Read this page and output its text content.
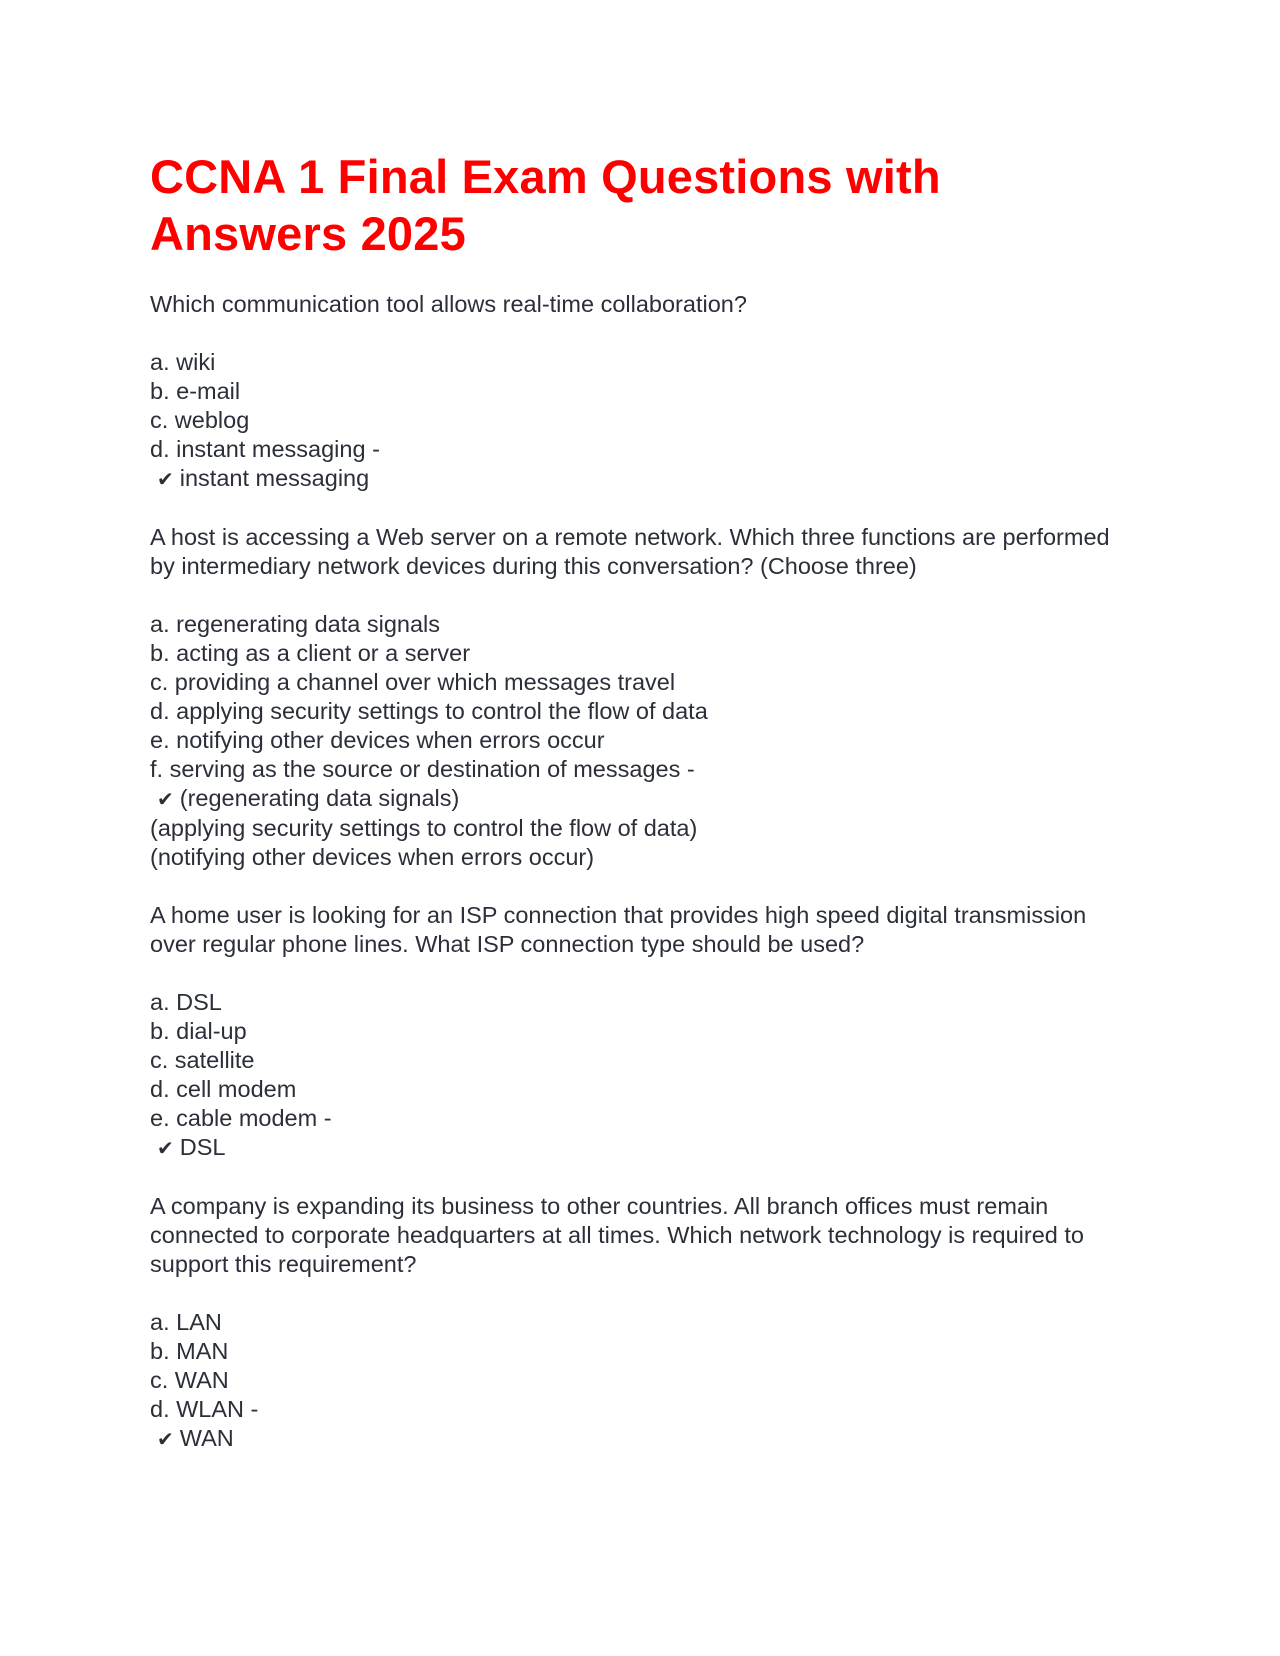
CCNA 1 Final Exam Questions with Answers 2025

Which communication tool allows real-time collaboration?

a. wiki
b. e-mail
c. weblog
d. instant messaging -
✔ instant messaging

A host is accessing a Web server on a remote network. Which three functions are performed by intermediary network devices during this conversation? (Choose three)

a. regenerating data signals
b. acting as a client or a server
c. providing a channel over which messages travel
d. applying security settings to control the flow of data
e. notifying other devices when errors occur
f. serving as the source or destination of messages -
✔ (regenerating data signals)
(applying security settings to control the flow of data)
(notifying other devices when errors occur)

A home user is looking for an ISP connection that provides high speed digital transmission over regular phone lines. What ISP connection type should be used?

a. DSL
b. dial-up
c. satellite
d. cell modem
e. cable modem -
✔ DSL

A company is expanding its business to other countries. All branch offices must remain connected to corporate headquarters at all times. Which network technology is required to support this requirement?

a. LAN
b. MAN
c. WAN
d. WLAN -
✔ WAN
